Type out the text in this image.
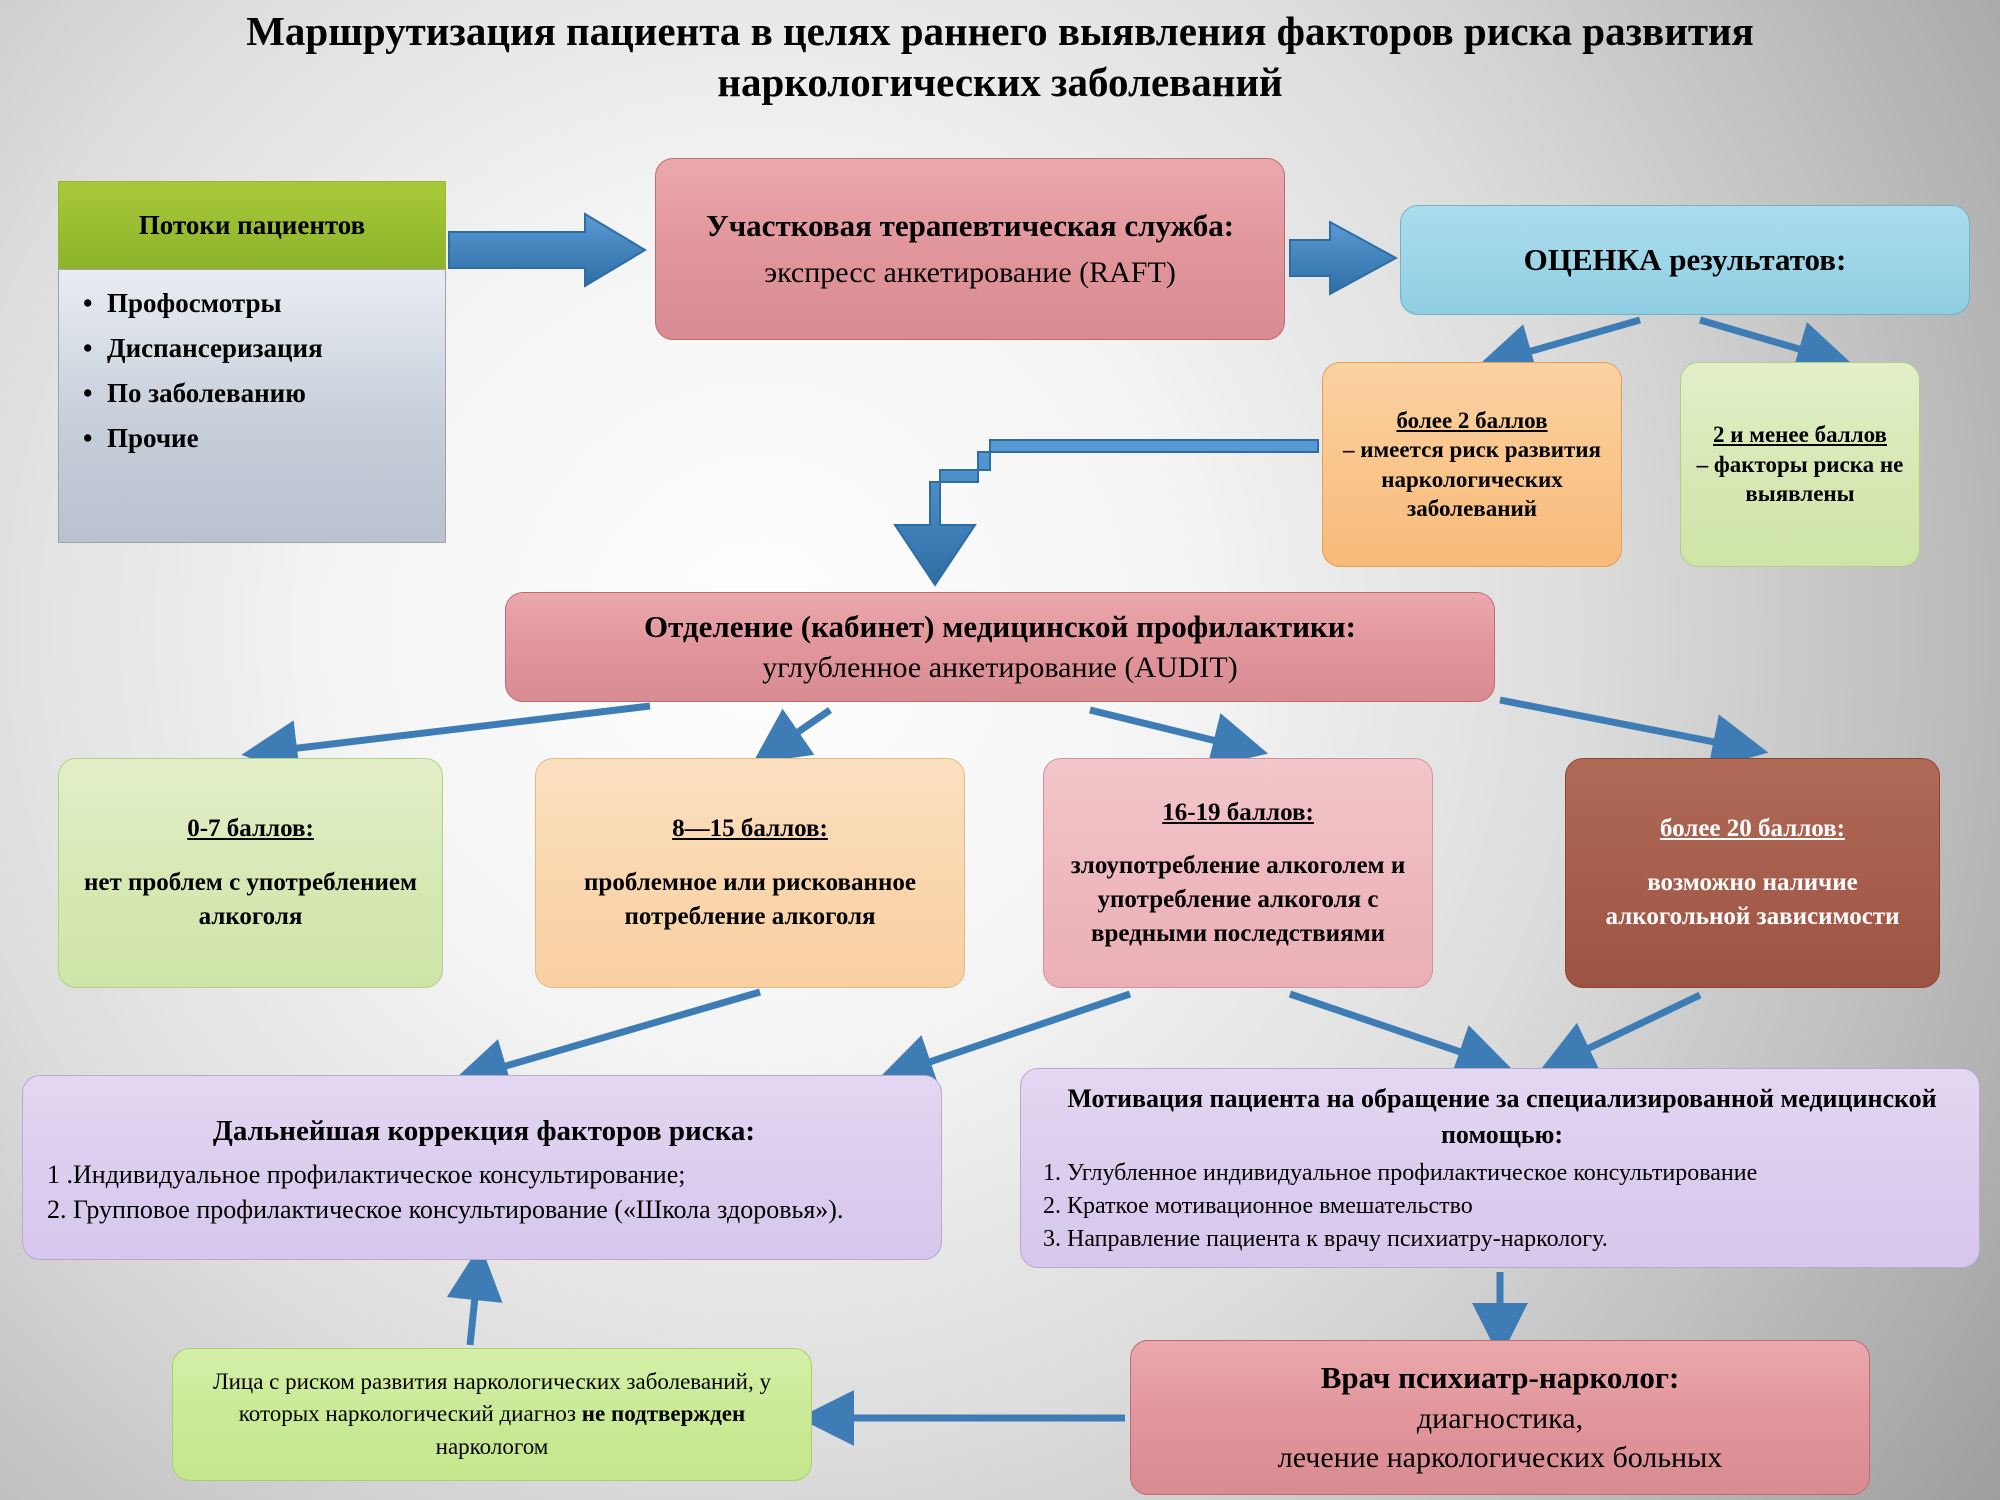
Маршрутизация пациента в целях раннего выявления факторов риска развития наркологических заболеваний
Потоки пациентов
• Профосмотры
• Диспансеризация
• По заболеванию
• Прочие
Участковая терапевтическая служба:
экспресс анкетирование (RAFT)	ОЦЕНКА результатов:
более 2 баллов
– имеется риск развития наркологических заболеваний
2 и менее баллов
– факторы риска не выявлены
Отделение (кабинет) медицинской профилактики:
углубленное анкетирование (AUDIT)
0-7 баллов:
нет проблем с употреблением алкоголя
8—15 баллов:
проблемное или рискованное потребление алкоголя
16-19 баллов:
злоупотребление алкоголем и употребление алкоголя с вредными последствиями
более 20 баллов:
возможно наличие алкогольной зависимости
Дальнейшая коррекция факторов риска:
1 .Индивидуальное профилактическое консультирование;
2. Групповое профилактическое консультирование («Школа здоровья»).
Мотивация пациента на обращение за специализированной медицинской помощью:
1. Углубленное индивидуальное профилактическое консультирование
2. Краткое мотивационное вмешательство
3. Направление пациента к врачу психиатру-наркологу.
Врач психиатр-нарколог:
диагностика,
лечение наркологических больных
Лица с риском развития наркологических заболеваний, у которых наркологический диагноз не подтвержден наркологом
